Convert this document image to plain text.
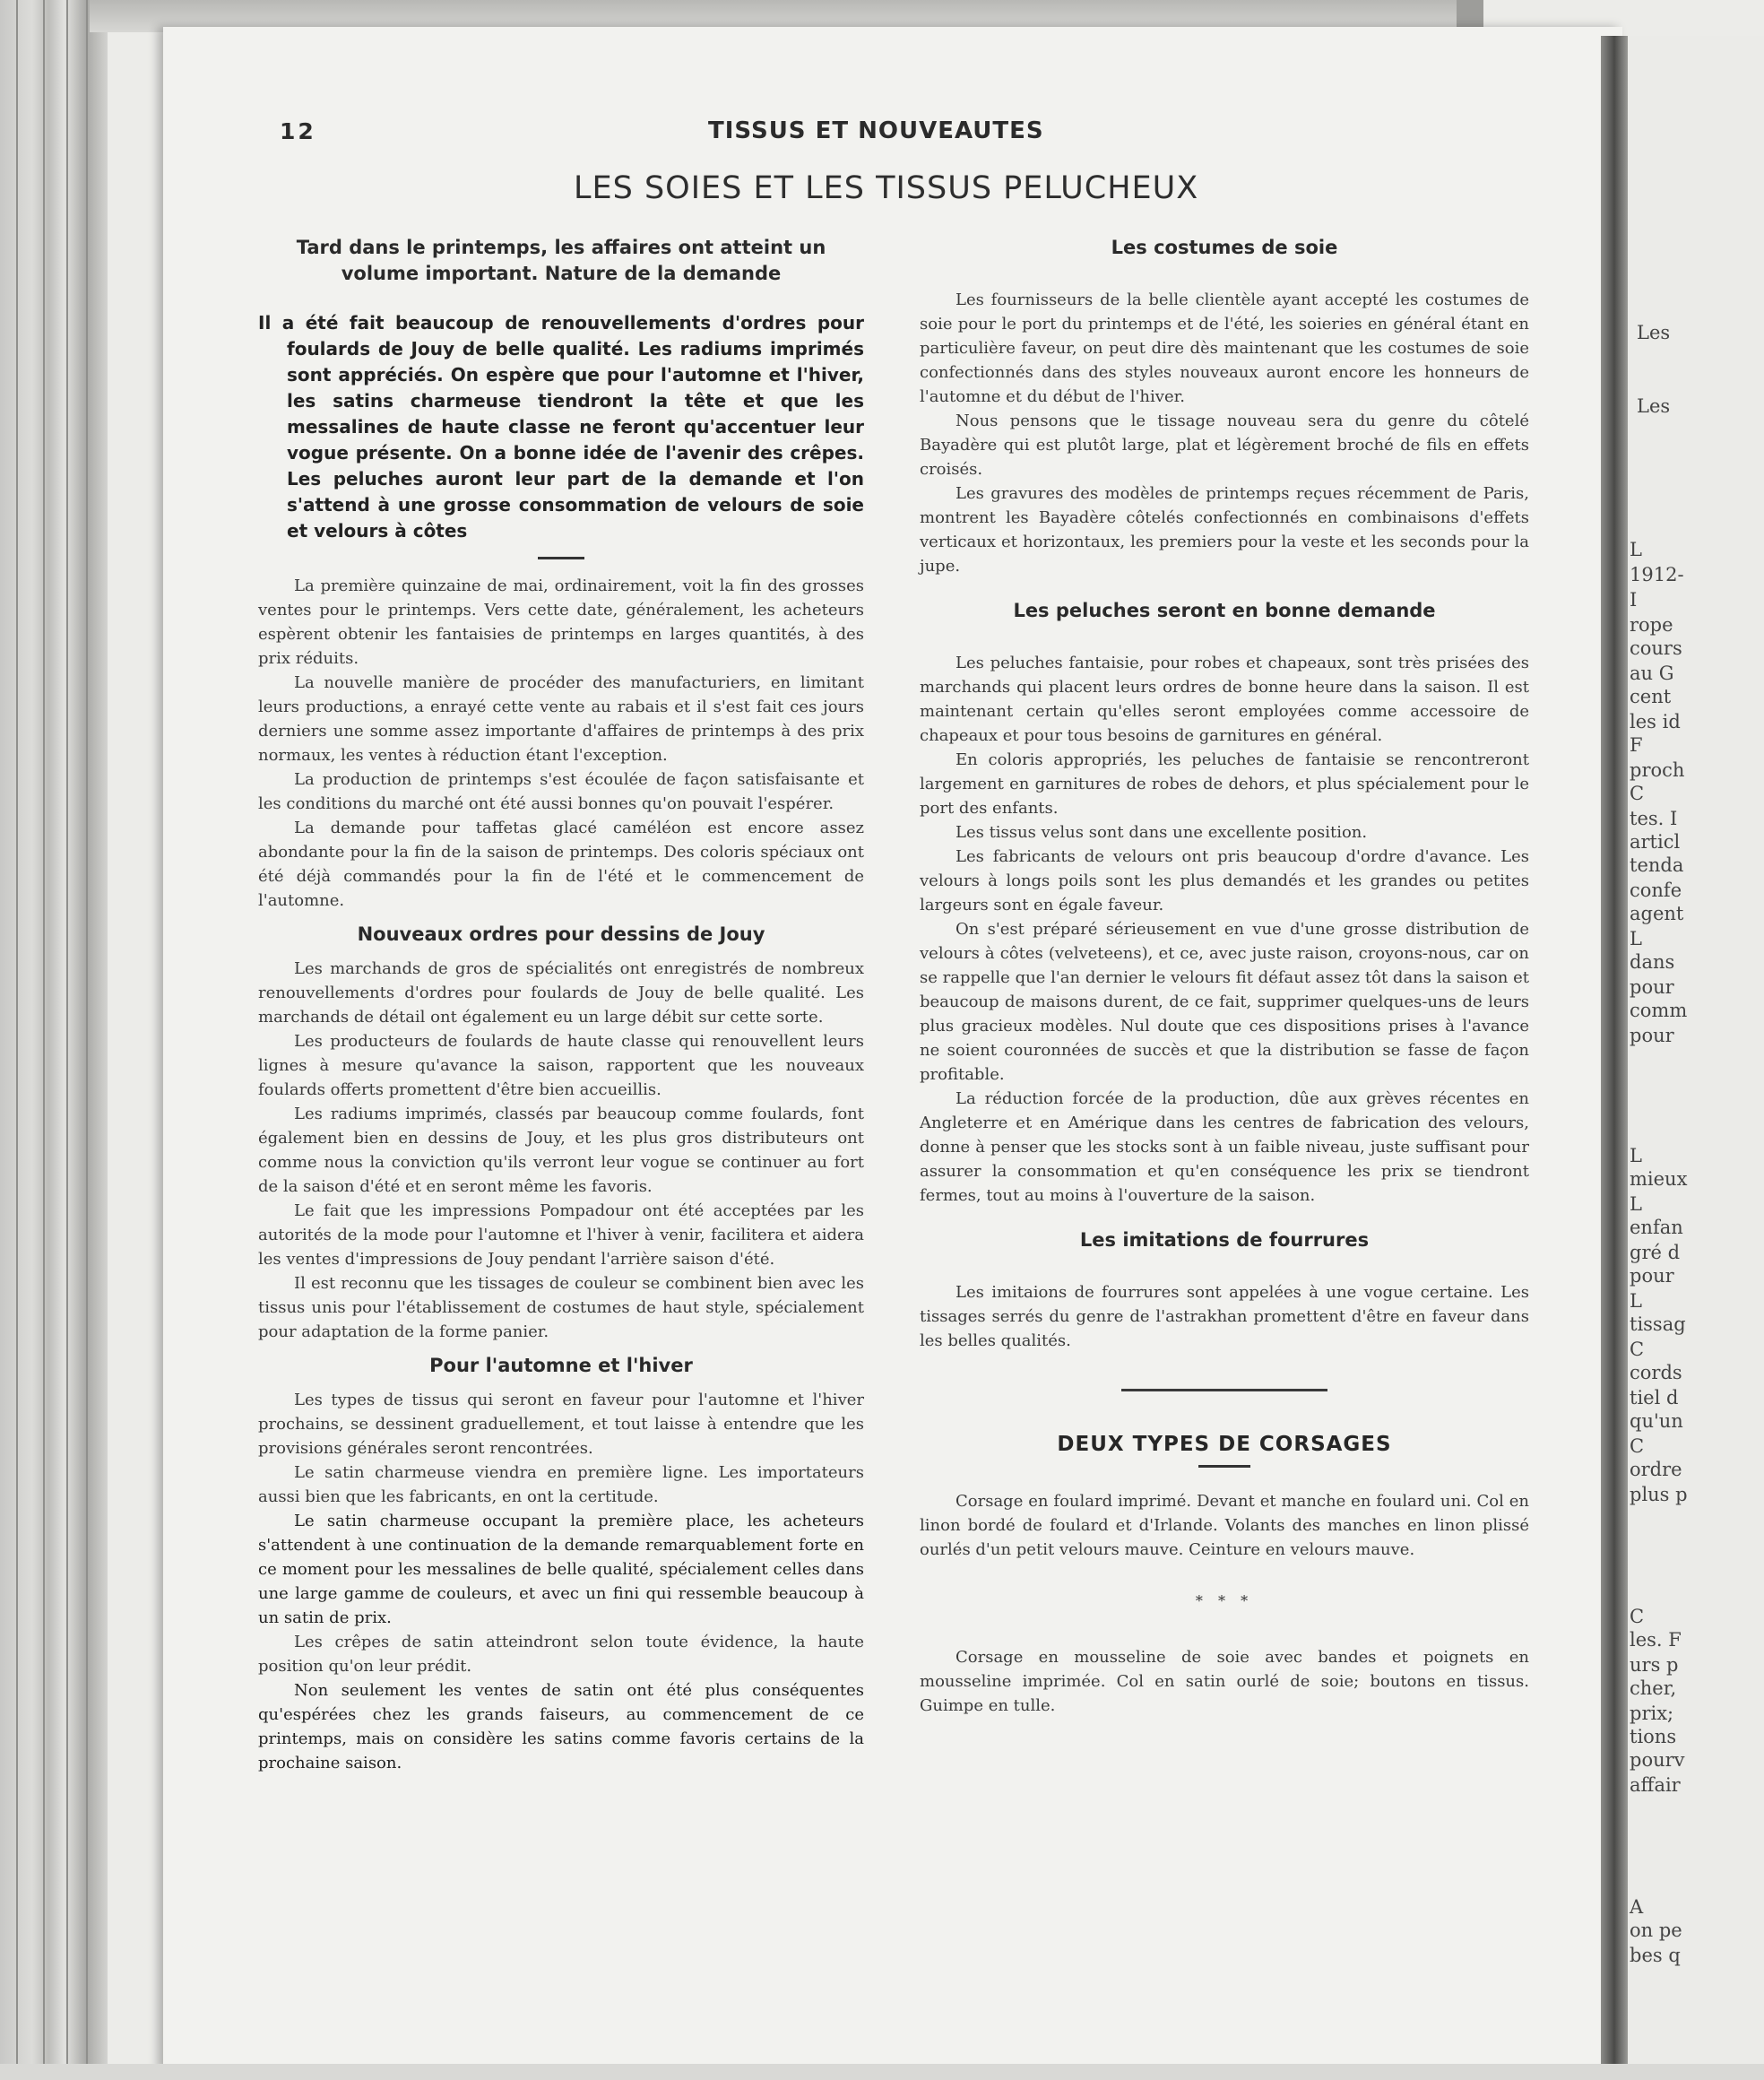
12	TISSUS ET NOUVEAUTES
LES SOIES ET LES TISSUS PELUCHEUX
Tard dans le printemps, les affaires ont atteint un volume important. Nature de la demande
Il a été fait beaucoup de renouvellements d'ordres pour foulards de Jouy de belle qualité. Les radiums imprimés sont appréciés. On espère que pour l'automne et l'hiver, les satins charmeuse tiendront la tête et que les messalines de haute classe ne feront qu'accentuer leur vogue présente. On a bonne idée de l'avenir des crêpes. Les peluches auront leur part de la demande et l'on s'attend à une grosse consommation de velours de soie et velours à côtes

La première quinzaine de mai, ordinairement, voit la fin des grosses ventes pour le printemps. Vers cette date, généralement, les acheteurs espèrent obtenir les fantaisies de printemps en larges quantités, à des prix réduits.

La nouvelle manière de procéder des manufacturiers, en limitant leurs productions, a enrayé cette vente au rabais et il s'est fait ces jours derniers une somme assez importante d'affaires de printemps à des prix normaux, les ventes à réduction étant l'exception.

La production de printemps s'est écoulée de façon satisfaisante et les conditions du marché ont été aussi bonnes qu'on pouvait l'espérer.

La demande pour taffetas glacé caméléon est encore assez abondante pour la fin de la saison de printemps. Des coloris spéciaux ont été déjà commandés pour la fin de l'été et le commencement de l'automne.

Nouveaux ordres pour dessins de Jouy

Les marchands de gros de spécialités ont enregistrés de nombreux renouvellements d'ordres pour foulards de Jouy de belle qualité. Les marchands de détail ont également eu un large débit sur cette sorte.

Les producteurs de foulards de haute classe qui renouvellent leurs lignes à mesure qu'avance la saison, rapportent que les nouveaux foulards offerts promettent d'être bien accueillis.

Les radiums imprimés, classés par beaucoup comme foulards, font également bien en dessins de Jouy, et les plus gros distributeurs ont comme nous la conviction qu'ils verront leur vogue se continuer au fort de la saison d'été et en seront même les favoris.

Le fait que les impressions Pompadour ont été acceptées par les autorités de la mode pour l'automne et l'hiver à venir, facilitera et aidera les ventes d'impressions de Jouy pendant l'arrière saison d'été.

Il est reconnu que les tissages de couleur se combinent bien avec les tissus unis pour l'établissement de costumes de haut style, spécialement pour adaptation de la forme panier.

Pour l'automne et l'hiver

Les types de tissus qui seront en faveur pour l'automne et l'hiver prochains, se dessinent graduellement, et tout laisse à entendre que les provisions générales seront rencontrées.

Le satin charmeuse viendra en première ligne. Les importateurs aussi bien que les fabricants, en ont la certitude.

Le satin charmeuse occupant la première place, les acheteurs s'attendent à une continuation de la demande remarquablement forte en ce moment pour les messalines de belle qualité, spécialement celles dans une large gamme de couleurs, et avec un fini qui ressemble beaucoup à un satin de prix.

Les crêpes de satin atteindront selon toute évidence, la haute position qu'on leur prédit.

Non seulement les ventes de satin ont été plus conséquentes qu'espérées chez les grands faiseurs, au commencement de ce printemps, mais on considère les satins comme favoris certains de la prochaine saison.

Les costumes de soie

Les fournisseurs de la belle clientèle ayant accepté les costumes de soie pour le port du printemps et de l'été, les soieries en général étant en particulière faveur, on peut dire dès maintenant que les costumes de soie confectionnés dans des styles nouveaux auront encore les honneurs de l'automne et du début de l'hiver.

Nous pensons que le tissage nouveau sera du genre du côtelé Bayadère qui est plutôt large, plat et légèrement broché de fils en effets croisés.

Les gravures des modèles de printemps reçues récemment de Paris, montrent les Bayadère côtelés confectionnés en combinaisons d'effets verticaux et horizontaux, les premiers pour la veste et les seconds pour la jupe.

Les peluches seront en bonne demande

Les peluches fantaisie, pour robes et chapeaux, sont très prisées des marchands qui placent leurs ordres de bonne heure dans la saison. Il est maintenant certain qu'elles seront employées comme accessoire de chapeaux et pour tous besoins de garnitures en général.

En coloris appropriés, les peluches de fantaisie se rencontreront largement en garnitures de robes de dehors, et plus spécialement pour le port des enfants.

Les tissus velus sont dans une excellente position.

Les fabricants de velours ont pris beaucoup d'ordre d'avance. Les velours à longs poils sont les plus demandés et les grandes ou petites largeurs sont en égale faveur.

On s'est préparé sérieusement en vue d'une grosse distribution de velours à côtes (velveteens), et ce, avec juste raison, croyons-nous, car on se rappelle que l'an dernier le velours fit défaut assez tôt dans la saison et beaucoup de maisons durent, de ce fait, supprimer quelques-uns de leurs plus gracieux modèles. Nul doute que ces dispositions prises à l'avance ne soient couronnées de succès et que la distribution se fasse de façon profitable.

La réduction forcée de la production, dûe aux grèves récentes en Angleterre et en Amérique dans les centres de fabrication des velours, donne à penser que les stocks sont à un faible niveau, juste suffisant pour assurer la consommation et qu'en conséquence les prix se tiendront fermes, tout au moins à l'ouverture de la saison.

Les imitations de fourrures

Les imitaions de fourrures sont appelées à une vogue certaine. Les tissages serrés du genre de l'astrakhan promettent d'être en faveur dans les belles qualités.

DEUX TYPES DE CORSAGES

Corsage en foulard imprimé. Devant et manche en foulard uni. Col en linon bordé de foulard et d'Irlande. Volants des manches en linon plissé ourlés d'un petit velours mauve. Ceinture en velours mauve.

* * *

Corsage en mousseline de soie avec bandes et poignets en mousseline imprimée. Col en satin ourlé de soie; boutons en tissus. Guimpe en tulle.

Les
Les
L
1912-
I
rope
cours
au G
cent
les id
F
proch
C
tes. I
articl
tenda
confe
agent
L
dans
pour
comm
pour
L
mieux
L
enfan
gré d
pour
L
tissag
C
cords
tiel d
qu'un
C
ordre
plus p
C
les. F
urs p
cher,
prix;
tions
pourv
affair
A
on pe
bes q
